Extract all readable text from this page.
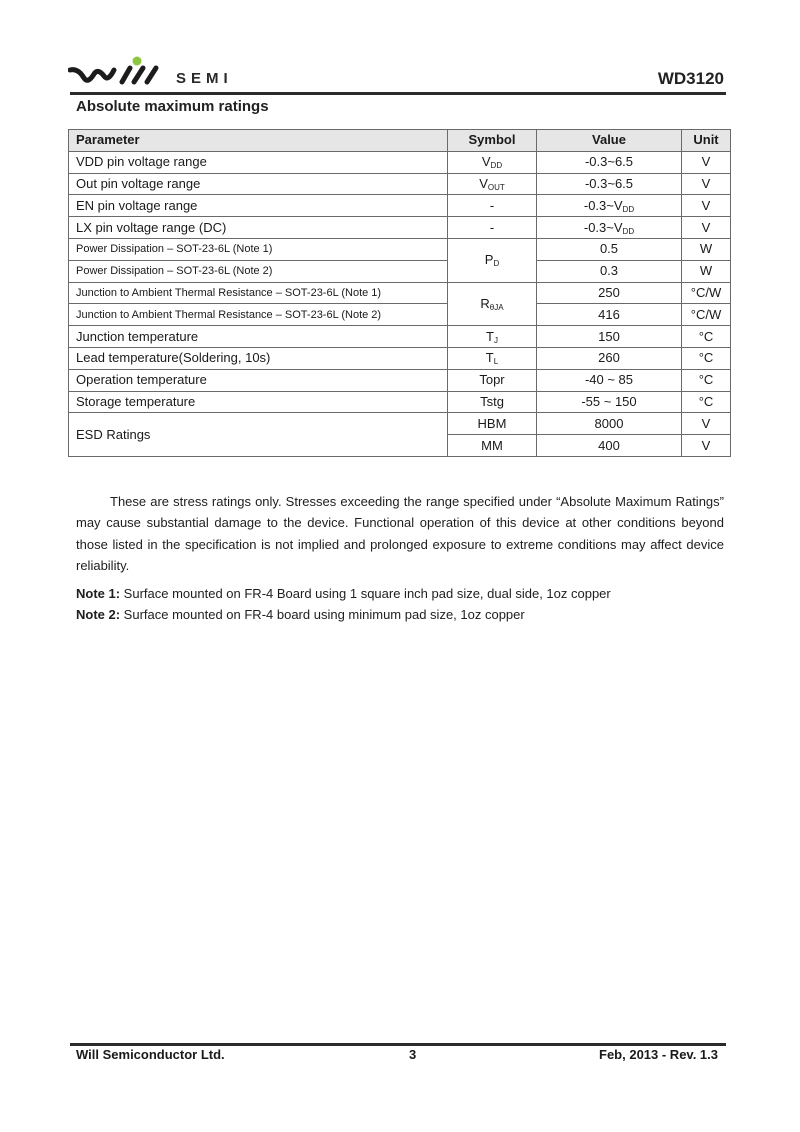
SEMI	WD3120
Absolute maximum ratings
Parameter	Symbol	Value	Unit
VDD pin voltage range	$V_{DD}$	-0.3~6.5	V
Out pin voltage range	$V_{OUT}$	-0.3~6.5	V
EN pin voltage range	-	$-0.3\sim V_{DD}$	V
LX pin voltage range (DC)	-	$-0.3\sim V_{DD}$	V
Power Dissipation – SOT-23-6L (Note 1)	$P_D$	0.5	W
Power Dissipation – SOT-23-6L (Note 2)		0.3	W
Junction to Ambient Thermal Resistance – SOT-23-6L (Note 1)	$R_{\theta JA}$	250	°C/W
Junction to Ambient Thermal Resistance – SOT-23-6L (Note 2)		416	°C/W
Junction temperature	$T_J$	150	°C
Lead temperature(Soldering, 10s)	$T_L$	260	°C
Operation temperature	Topr	-40 ~ 85	°C
Storage temperature	Tstg	-55 ~ 150	°C
ESD Ratings	HBM	8000	V
	MM	400	V

These are stress ratings only. Stresses exceeding the range specified under “Absolute Maximum Ratings” may cause substantial damage to the device. Functional operation of this device at other conditions beyond those listed in the specification is not implied and prolonged exposure to extreme conditions may affect device reliability.

Note 1: Surface mounted on FR-4 Board using 1 square inch pad size, dual side, 1oz copper
Note 2: Surface mounted on FR-4 board using minimum pad size, 1oz copper
Will Semiconductor Ltd.	3	Feb, 2013 - Rev. 1.3
